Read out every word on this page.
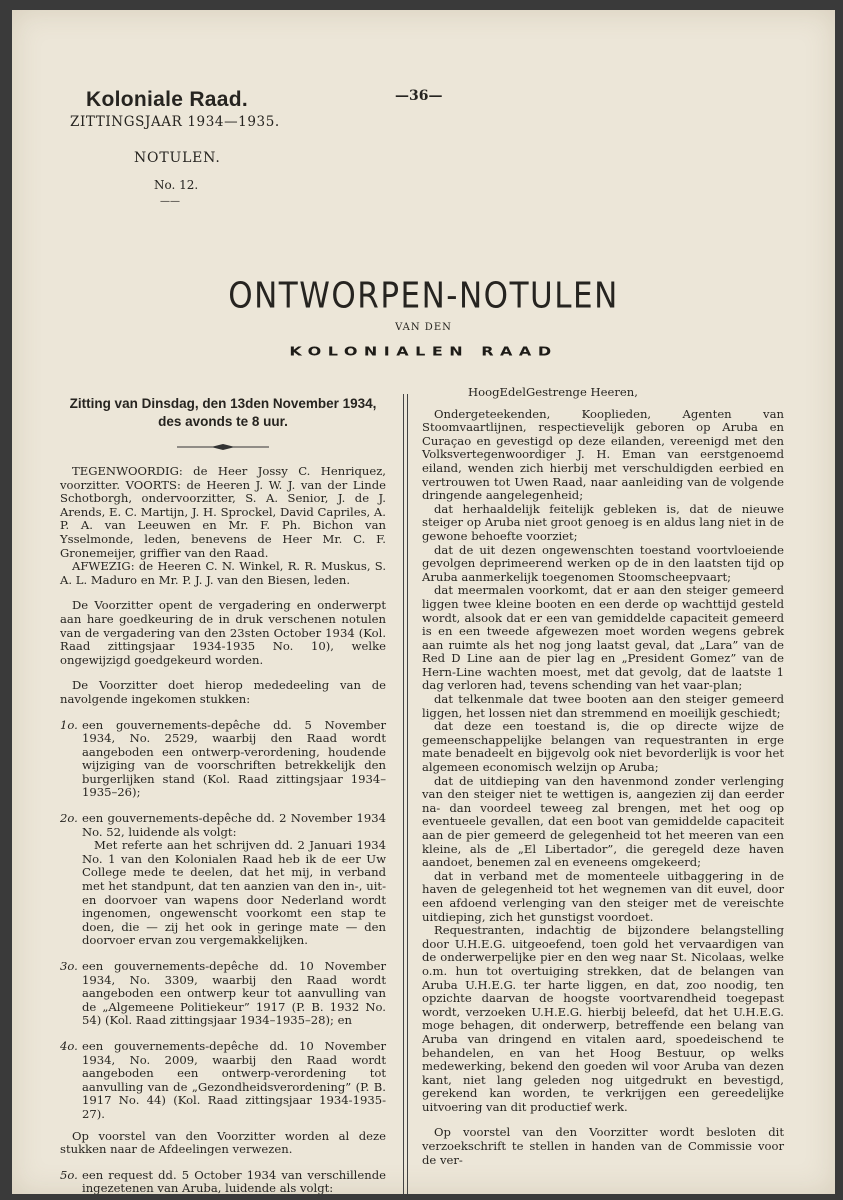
Koloniale Raad.
ZITTINGSJAAR 1934—1935.
NOTULEN.
No. 12.
——
—36—
ONTWORPEN-NOTULEN
VAN DEN
KOLONIALEN RAAD
Zitting van Dinsdag, den 13den November 1934,
des avonds te 8 uur.

TEGENWOORDIG: de Heer Jossy C. Henriquez, voorzitter. VOORTS: de Heeren J. W. J. van der Linde Schotborgh, ondervoorzitter, S. A. Senior, J. de J. Arends, E. C. Martijn, J. H. Sprockel, David Capriles, A. P. A. van Leeuwen en Mr. F. Ph. Bichon van Ysselmonde, leden, benevens de Heer Mr. C. F. Gronemeijer, griffier van den Raad.

AFWEZIG: de Heeren C. N. Winkel, R. R. Muskus, S. A. L. Maduro en Mr. P. J. J. van den Biesen, leden.

De Voorzitter opent de vergadering en onderwerpt aan hare goedkeuring de in druk verschenen notulen van de vergadering van den 23sten October 1934 (Kol. Raad zittingsjaar 1934-1935 No. 10), welke ongewijzigd goedgekeurd worden.

De Voorzitter doet hierop mededeeling van de navolgende ingekomen stukken:

1o. een gouvernements-depêche dd. 5 November 1934, No. 2529, waarbij den Raad wordt aangeboden een ontwerp-verordening, houdende wijziging van de voorschriften betrekkelijk den burgerlijken stand (Kol. Raad zittingsjaar 1934–1935–26);
2o. een gouvernements-depêche dd. 2 November 1934 No. 52, luidende als volgt:

Met referte aan het schrijven dd. 2 Januari 1934 No. 1 van den Kolonialen Raad heb ik de eer Uw College mede te deelen, dat het mij, in verband met het standpunt, dat ten aanzien van den in-, uit- en doorvoer van wapens door Nederland wordt ingenomen, ongewenscht voorkomt een stap te doen, die — zij het ook in geringe mate — den doorvoer ervan zou vergemakkelijken.

3o. een gouvernements-depêche dd. 10 November 1934, No. 3309, waarbij den Raad wordt aangeboden een ontwerp keur tot aanvulling van de „Algemeene Politiekeur” 1917 (P. B. 1932 No. 54) (Kol. Raad zittingsjaar 1934–1935–28); en
4o. een gouvernements-depêche dd. 10 November 1934, No. 2009, waarbij den Raad wordt aangeboden een ontwerp-verordening tot aanvulling van de „Gezondheidsverordening” (P. B. 1917 No. 44) (Kol. Raad zittingsjaar 1934-1935-27).

Op voorstel van den Voorzitter worden al deze stukken naar de Afdeelingen verwezen.

5o. een request dd. 5 October 1934 van verschillende ingezetenen van Aruba, luidende als volgt:

HoogEdelGestrenge Heeren,

Ondergeteekenden, Kooplieden, Agenten van Stoomvaartlijnen, respectievelijk geboren op Aruba en Curaçao en gevestigd op deze eilanden, vereenigd met den Volksvertegenwoordiger J. H. Eman van eerstgenoemd eiland, wenden zich hierbij met verschuldigden eerbied en vertrouwen tot Uwen Raad, naar aanleiding van de volgende dringende aangelegenheid;

dat herhaaldelijk feitelijk gebleken is, dat de nieuwe steiger op Aruba niet groot genoeg is en aldus lang niet in de gewone behoefte voorziet;

dat de uit dezen ongewenschten toestand voortvloeiende gevolgen deprimeerend werken op de in den laatsten tijd op Aruba aanmerkelijk toegenomen Stoomscheepvaart;

dat meermalen voorkomt, dat er aan den steiger gemeerd liggen twee kleine booten en een derde op wachttijd gesteld wordt, alsook dat er een van gemiddelde capaciteit gemeerd is en een tweede afgewezen moet worden wegens gebrek aan ruimte als het nog jong laatst geval, dat „Lara” van de Red D Line aan de pier lag en „President Gomez” van de Hern-Line wachten moest, met dat gevolg, dat de laatste 1 dag verloren had, tevens schending van het vaar-plan;

dat telkenmale dat twee booten aan den steiger gemeerd liggen, het lossen niet dan stremmend en moeilijk geschiedt;

dat deze een toestand is, die op directe wijze de gemeenschappelijke belangen van requestranten in erge mate benadeelt en bijgevolg ook niet bevorderlijk is voor het algemeen economisch welzijn op Aruba;

dat de uitdieping van den havenmond zonder verlenging van den steiger niet te wettigen is, aangezien zij dan eerder na- dan voordeel teweeg zal brengen, met het oog op eventueele gevallen, dat een boot van gemiddelde capaciteit aan de pier gemeerd de gelegenheid tot het meeren van een kleine, als de „El Libertador”, die geregeld deze haven aandoet, benemen zal en eveneens omgekeerd;

dat in verband met de momenteele uitbaggering in de haven de gelegenheid tot het wegnemen van dit euvel, door een afdoend verlenging van den steiger met de vereischte uitdieping, zich het gunstigst voordoet.

Requestranten, indachtig de bijzondere belangstelling door U.H.E.G. uitgeoefend, toen gold het vervaardigen van de onderwerpelijke pier en den weg naar St. Nicolaas, welke o.m. hun tot overtuiging strekken, dat de belangen van Aruba U.H.E.G. ter harte liggen, en dat, zoo noodig, ten opzichte daarvan de hoogste voortvarendheid toegepast wordt, verzoeken U.H.E.G. hierbij beleefd, dat het U.H.E.G. moge behagen, dit onderwerp, betreffende een belang van Aruba van dringend en vitalen aard, spoedeischend te behandelen, en van het Hoog Bestuur, op welks medewerking, bekend den goeden wil voor Aruba van dezen kant, niet lang geleden nog uitgedrukt en bevestigd, gerekend kan worden, te verkrijgen een gereedelijke uitvoering van dit productief werk.

Op voorstel van den Voorzitter wordt besloten dit verzoekschrift te stellen in handen van de Commissie voor de ver-
